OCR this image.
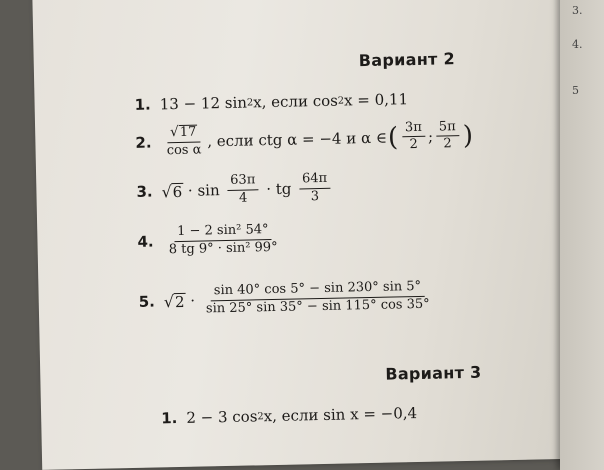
Вариант 2
1. 13 − 12 sin 2 x, если cos 2 x = 0,11
2. $\frac{√ 17}{\text{cos α}}$ , если ctg α = −4 и α ∈ ( $\frac{3\pi}{2}$ ; $\frac{5\pi}{2}$ )
3. √ $6 \cdot \sin \frac{63\pi}{4}$ · tg $\frac{64\pi}{3}$
4. $\frac{\text{1 − 2 sin² 54°}}{\text{8 tg 9° · sin² 99°}}$
5. √ $2 \cdot \frac{\sin 40^\circ \cos 5^\circ - \sin 230^\circ \sin 5^\circ}{\sin 25^\circ \sin 35^\circ - \sin 115^\circ \cos 35^\circ}$
Вариант 3
1. 2 − 3 cos 2 x, если sin x = −0,4
3.
4.
5
